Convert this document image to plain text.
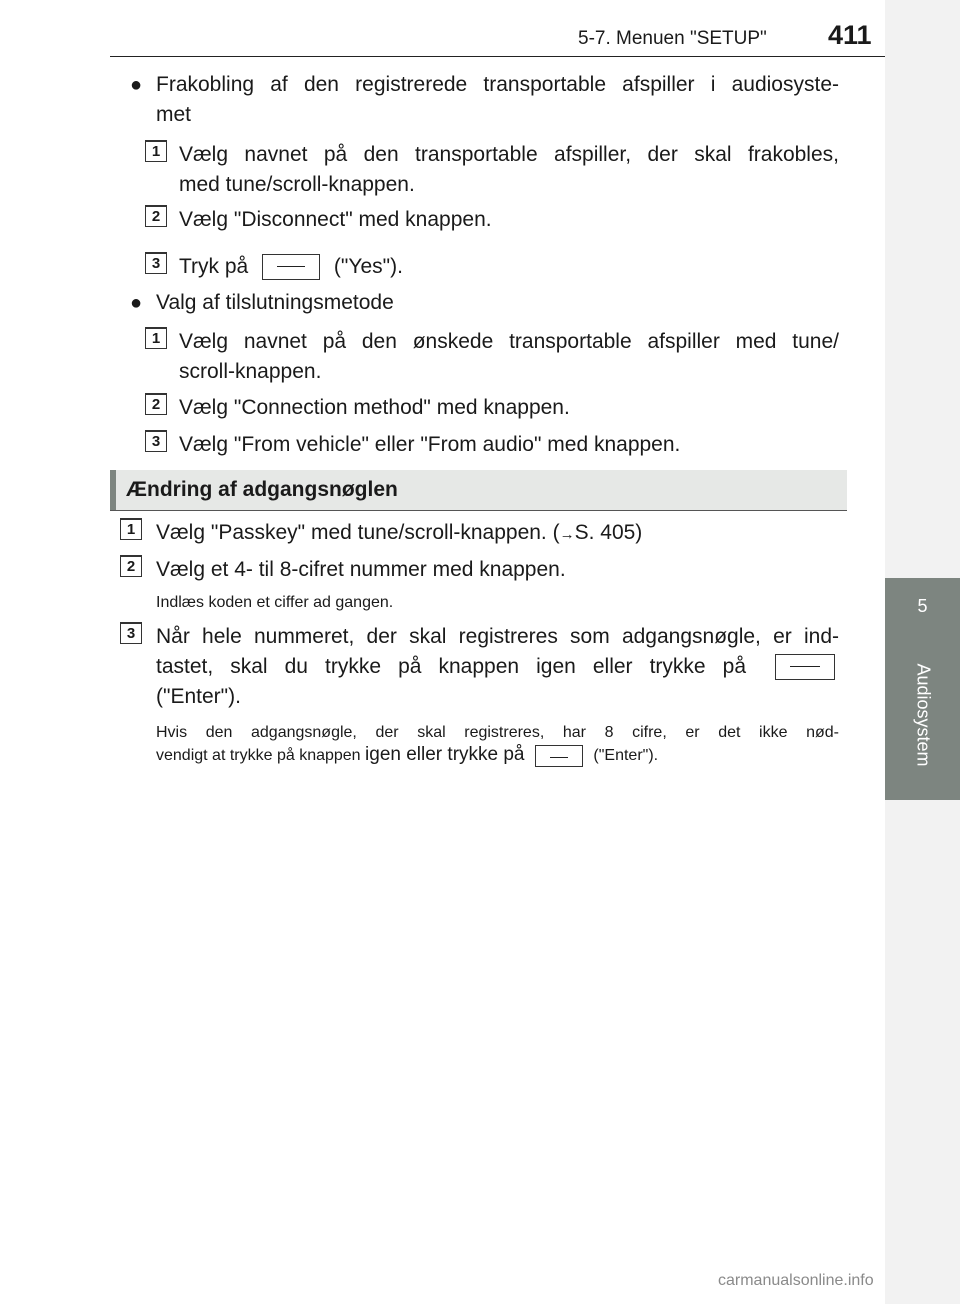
5-7. Menuen "SETUP" 411
5
Audiosystem
● Frakobling af den registrerede transportable afspiller i audiosyste-
met
1 Vælg navnet på den transportable afspiller, der skal frakobles,
med tune/scroll-knappen.
2 Vælg "Disconnect" med knappen.
3 Tryk på	("Yes").
● Valg af tilslutningsmetode
1 Vælg navnet på den ønskede transportable afspiller med tune/
scroll-knappen.
2 Vælg "Connection method" med knappen.
3 Vælg "From vehicle" eller "From audio" med knappen.
Ændring af adgangsnøglen
1 Vælg "Passkey" med tune/scroll-knappen. (→S. 405)
2 Vælg et 4- til 8-cifret nummer med knappen.
Indlæs koden et ciffer ad gangen.
3 Når hele nummeret, der skal registreres som adgangsnøgle, er ind-
tastet, skal du trykke på knappen igen eller trykke på
("Enter").
Hvis den adgangsnøgle, der skal registreres, har 8 cifre, er det ikke nød-
vendigt at trykke på knappen igen eller trykke på	("Enter").
carmanualsonline.info
